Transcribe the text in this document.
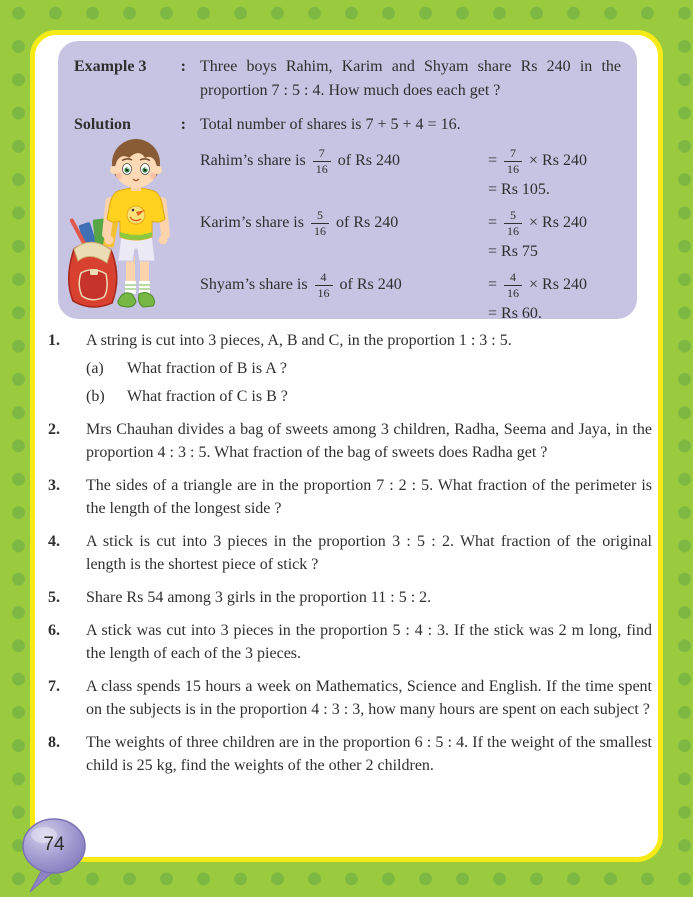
Example 3 : Three boys Rahim, Karim and Shyam share Rs 240 in the proportion 7 : 5 : 4. How much does each get ?
Solution	: Total number of shares is 7 + 5 + 4 = 16.
Rahim’s share is $\frac{7}{16}$ of Rs 240	= $\frac{7}{16} \times Rs$ 240
= Rs 105.
Karim’s share is $\frac{5}{16}$ of Rs 240	= $\frac{5}{16} \times Rs$ 240
= Rs 75
Shyam’s share is $\frac{4}{16}$ of Rs 240	= $\frac{4}{16} \times Rs$ 240
= Rs 60.
1. A string is cut into 3 pieces, A, B and C, in the proportion 1 : 3 : 5.
(a) What fraction of B is A ?
(b) What fraction of C is B ?
2. Mrs Chauhan divides a bag of sweets among 3 children, Radha, Seema and Jaya, in the proportion 4 : 3 : 5. What fraction of the bag of sweets does Radha get ?
3. The sides of a triangle are in the proportion 7 : 2 : 5. What fraction of the perimeter is the length of the longest side ?
4. A stick is cut into 3 pieces in the proportion 3 : 5 : 2. What fraction of the original length is the shortest piece of stick ?
5. Share Rs 54 among 3 girls in the proportion 11 : 5 : 2.
6. A stick was cut into 3 pieces in the proportion 5 : 4 : 3. If the stick was 2 m long, find the length of each of the 3 pieces.
7. A class spends 15 hours a week on Mathematics, Science and English. If the time spent on the subjects is in the proportion 4 : 3 : 3, how many hours are spent on each subject ?
8. The weights of three children are in the proportion 6 : 5 : 4. If the weight of the smallest child is 25 kg, find the weights of the other 2 children.
74
